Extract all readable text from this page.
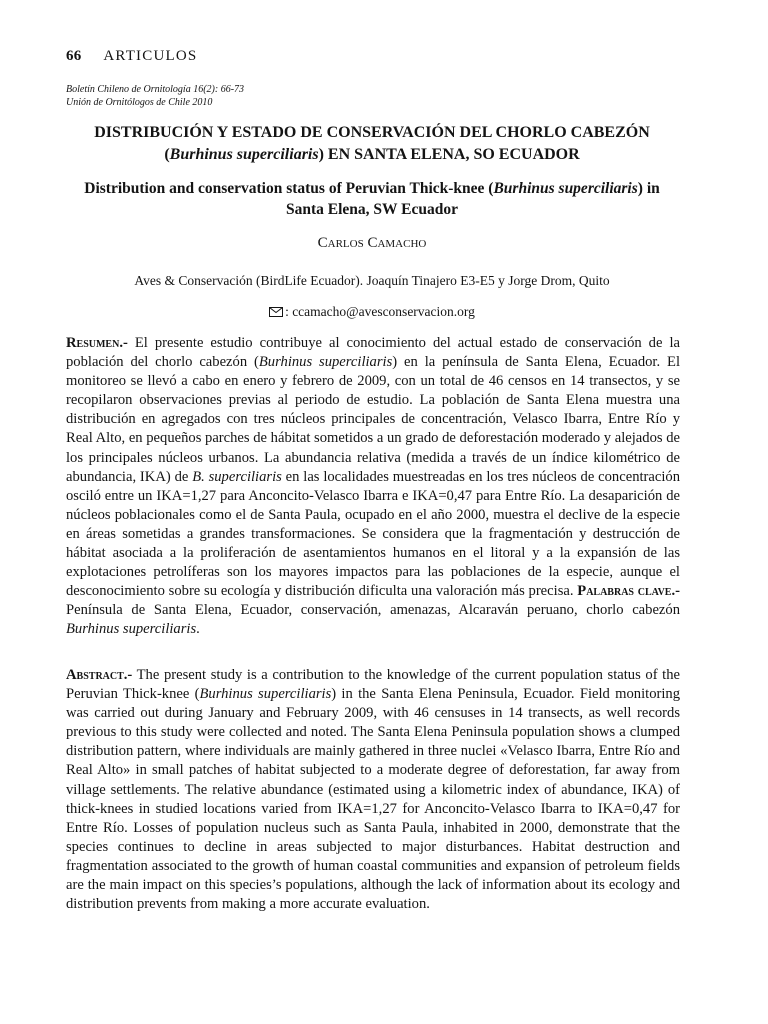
66 ARTICULOS
Boletín Chileno de Ornitología 16(2): 66-73
Unión de Ornitólogos de Chile 2010
DISTRIBUCIÓN Y ESTADO DE CONSERVACIÓN DEL CHORLO CABEZÓN
(Burhinus superciliaris) EN SANTA ELENA, SO ECUADOR
Distribution and conservation status of Peruvian Thick-knee (Burhinus superciliaris) in Santa Elena, SW Ecuador
Carlos Camacho
Aves & Conservación (BirdLife Ecuador). Joaquín Tinajero E3-E5 y Jorge Drom, Quito
: ccamacho@avesconservacion.org
Resumen.- El presente estudio contribuye al conocimiento del actual estado de conservación de la población del chorlo cabezón (Burhinus superciliaris) en la península de Santa Elena, Ecuador. El monitoreo se llevó a cabo en enero y febrero de 2009, con un total de 46 censos en 14 transectos, y se recopilaron observaciones previas al periodo de estudio. La población de Santa Elena muestra una distribución en agregados con tres núcleos principales de concentración, Velasco Ibarra, Entre Río y Real Alto, en pequeños parches de hábitat sometidos a un grado de deforestación moderado y alejados de los principales núcleos urbanos. La abundancia relativa (medida a través de un índice kilométrico de abundancia, IKA) de B. superciliaris en las localidades muestreadas en los tres núcleos de concentración osciló entre un IKA=1,27 para Anconcito-Velasco Ibarra e IKA=0,47 para Entre Río. La desaparición de núcleos poblacionales como el de Santa Paula, ocupado en el año 2000, muestra el declive de la especie en áreas sometidas a grandes transformaciones. Se considera que la fragmentación y destrucción de hábitat asociada a la proliferación de asentamientos humanos en el litoral y a la expansión de las explotaciones petrolíferas son los mayores impactos para las poblaciones de la especie, aunque el desconocimiento sobre su ecología y distribución dificulta una valoración más precisa. Palabras clave.- Península de Santa Elena, Ecuador, conservación, amenazas, Alcaraván peruano, chorlo cabezón Burhinus superciliaris.
Abstract.- The present study is a contribution to the knowledge of the current population status of the Peruvian Thick-knee (Burhinus superciliaris) in the Santa Elena Peninsula, Ecuador. Field monitoring was carried out during January and February 2009, with 46 censuses in 14 transects, as well records previous to this study were collected and noted. The Santa Elena Peninsula population shows a clumped distribution pattern, where individuals are mainly gathered in three nuclei «Velasco Ibarra, Entre Río and Real Alto» in small patches of habitat subjected to a moderate degree of deforestation, far away from village settlements. The relative abundance (estimated using a kilometric index of abundance, IKA) of thick-knees in studied locations varied from IKA=1,27 for Anconcito-Velasco Ibarra to IKA=0,47 for Entre Río. Losses of population nucleus such as Santa Paula, inhabited in 2000, demonstrate that the species continues to decline in areas subjected to major disturbances. Habitat destruction and fragmentation associated to the growth of human coastal communities and expansion of petroleum fields are the main impact on this species’s populations, although the lack of information about its ecology and distribution prevents from making a more accurate evaluation.
